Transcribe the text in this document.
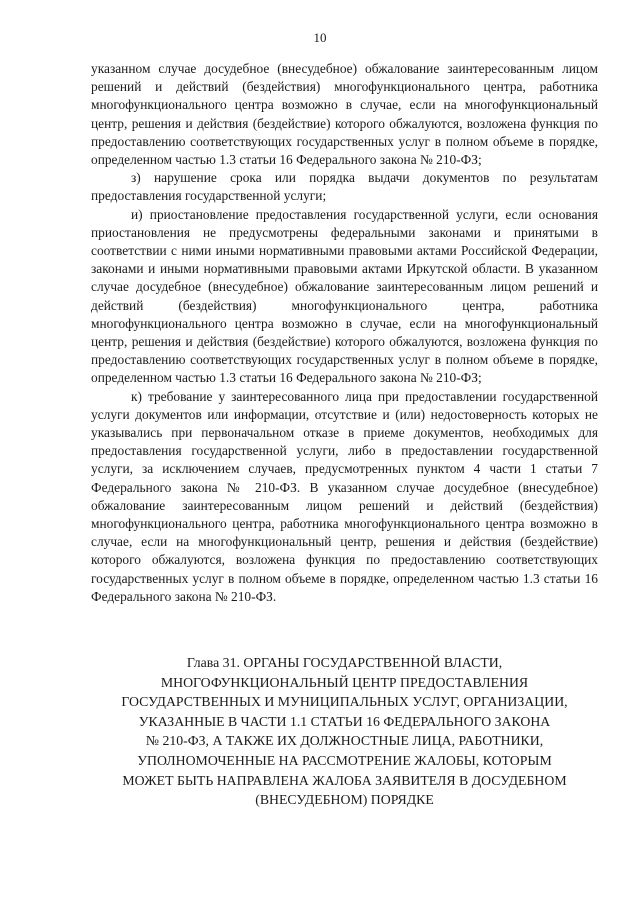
10

указанном случае досудебное (внесудебное) обжалование заинтересованным лицом решений и действий (бездействия) многофункционального центра, работника многофункционального центра возможно в случае, если на многофункциональный центр, решения и действия (бездействие) которого обжалуются, возложена функция по предоставлению соответствующих государственных услуг в полном объеме в порядке, определенном частью 1.3 статьи 16 Федерального закона № 210-ФЗ;

з) нарушение срока или порядка выдачи документов по результатам предоставления государственной услуги;

и) приостановление предоставления государственной услуги, если основания приостановления не предусмотрены федеральными законами и принятыми в соответствии с ними иными нормативными правовыми актами Российской Федерации, законами и иными нормативными правовыми актами Иркутской области. В указанном случае досудебное (внесудебное) обжалование заинтересованным лицом решений и действий (бездействия) многофункционального центра, работника многофункционального центра возможно в случае, если на многофункциональный центр, решения и действия (бездействие) которого обжалуются, возложена функция по предоставлению соответствующих государственных услуг в полном объеме в порядке, определенном частью 1.3 статьи 16 Федерального закона № 210-ФЗ;

к) требование у заинтересованного лица при предоставлении государственной услуги документов или информации, отсутствие и (или) недостоверность которых не указывались при первоначальном отказе в приеме документов, необходимых для предоставления государственной услуги, либо в предоставлении государственной услуги, за исключением случаев, предусмотренных пунктом 4 части 1 статьи 7 Федерального закона № 210-ФЗ. В указанном случае досудебное (внесудебное) обжалование заинтересованным лицом решений и действий (бездействия) многофункционального центра, работника многофункционального центра возможно в случае, если на многофункциональный центр, решения и действия (бездействие) которого обжалуются, возложена функция по предоставлению соответствующих государственных услуг в полном объеме в порядке, определенном частью 1.3 статьи 16 Федерального закона № 210-ФЗ.

Глава 31. ОРГАНЫ ГОСУДАРСТВЕННОЙ ВЛАСТИ,
МНОГОФУНКЦИОНАЛЬНЫЙ ЦЕНТР ПРЕДОСТАВЛЕНИЯ
ГОСУДАРСТВЕННЫХ И МУНИЦИПАЛЬНЫХ УСЛУГ, ОРГАНИЗАЦИИ,
УКАЗАННЫЕ В ЧАСТИ 1.1 СТАТЬИ 16 ФЕДЕРАЛЬНОГО ЗАКОНА
№ 210-ФЗ, А ТАКЖЕ ИХ ДОЛЖНОСТНЫЕ ЛИЦА, РАБОТНИКИ,
УПОЛНОМОЧЕННЫЕ НА РАССМОТРЕНИЕ ЖАЛОБЫ, КОТОРЫМ
МОЖЕТ БЫТЬ НАПРАВЛЕНА ЖАЛОБА ЗАЯВИТЕЛЯ В ДОСУДЕБНОМ
(ВНЕСУДЕБНОМ) ПОРЯДКЕ
